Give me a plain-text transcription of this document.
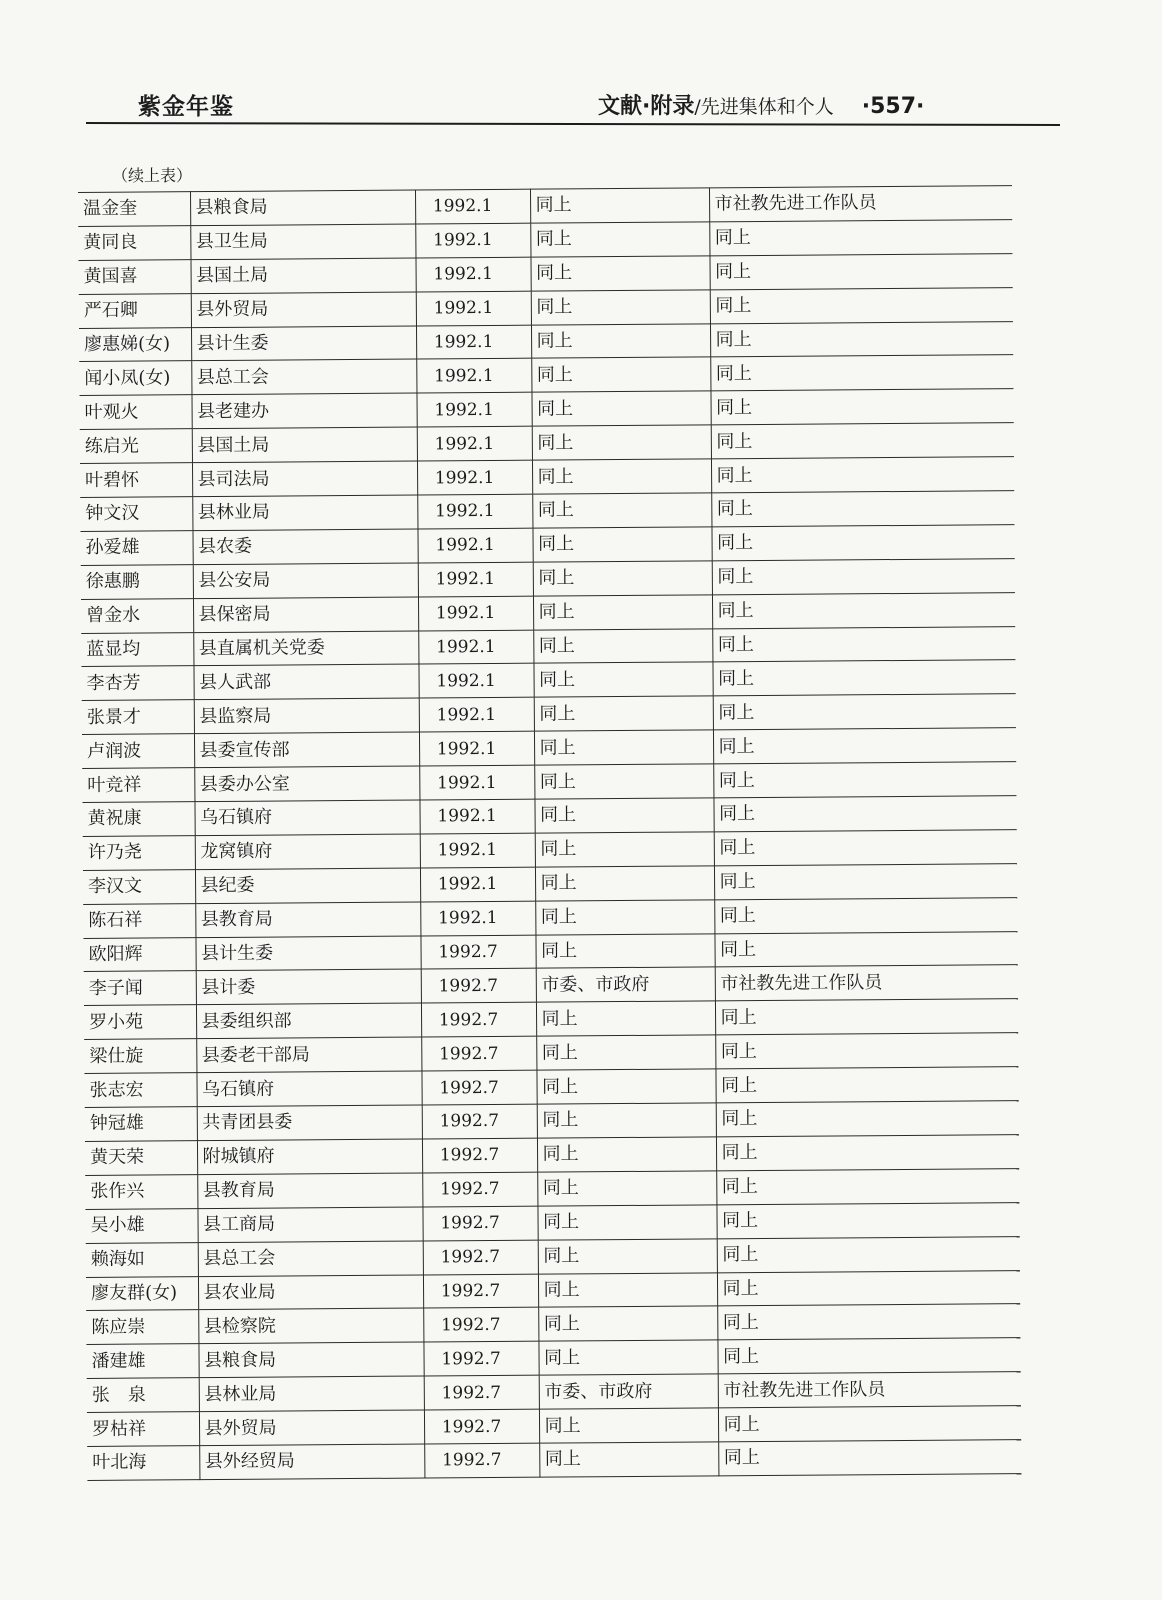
紫金年鉴	文献·附录/先进集体和个人 ·557·
（续上表）
温金奎	县粮食局	1992.1	同上	市社教先进工作队员
黄同良	县卫生局	1992.1	同上	同上
黄国喜	县国土局	1992.1	同上	同上
严石卿	县外贸局	1992.1	同上	同上
廖惠娣(女)	县计生委	1992.1	同上	同上
闻小凤(女)	县总工会	1992.1	同上	同上
叶观火	县老建办	1992.1	同上	同上
练启光	县国土局	1992.1	同上	同上
叶碧怀	县司法局	1992.1	同上	同上
钟文汉	县林业局	1992.1	同上	同上
孙爱雄	县农委	1992.1	同上	同上
徐惠鹏	县公安局	1992.1	同上	同上
曾金水	县保密局	1992.1	同上	同上
蓝显均	县直属机关党委	1992.1	同上	同上
李杏芳	县人武部	1992.1	同上	同上
张景才	县监察局	1992.1	同上	同上
卢润波	县委宣传部	1992.1	同上	同上
叶竞祥	县委办公室	1992.1	同上	同上
黄祝康	乌石镇府	1992.1	同上	同上
许乃尧	龙窝镇府	1992.1	同上	同上
李汉文	县纪委	1992.1	同上	同上
陈石祥	县教育局	1992.1	同上	同上
欧阳辉	县计生委	1992.7	同上	同上
李子闻	县计委	1992.7	市委、市政府	市社教先进工作队员
罗小苑	县委组织部	1992.7	同上	同上
梁仕旋	县委老干部局	1992.7	同上	同上
张志宏	乌石镇府	1992.7	同上	同上
钟冠雄	共青团县委	1992.7	同上	同上
黄天荣	附城镇府	1992.7	同上	同上
张作兴	县教育局	1992.7	同上	同上
吴小雄	县工商局	1992.7	同上	同上
赖海如	县总工会	1992.7	同上	同上
廖友群(女)	县农业局	1992.7	同上	同上
陈应崇	县检察院	1992.7	同上	同上
潘建雄	县粮食局	1992.7	同上	同上
张　泉	县林业局	1992.7	市委、市政府	市社教先进工作队员
罗枯祥	县外贸局	1992.7	同上	同上
叶北海	县外经贸局	1992.7	同上	同上
